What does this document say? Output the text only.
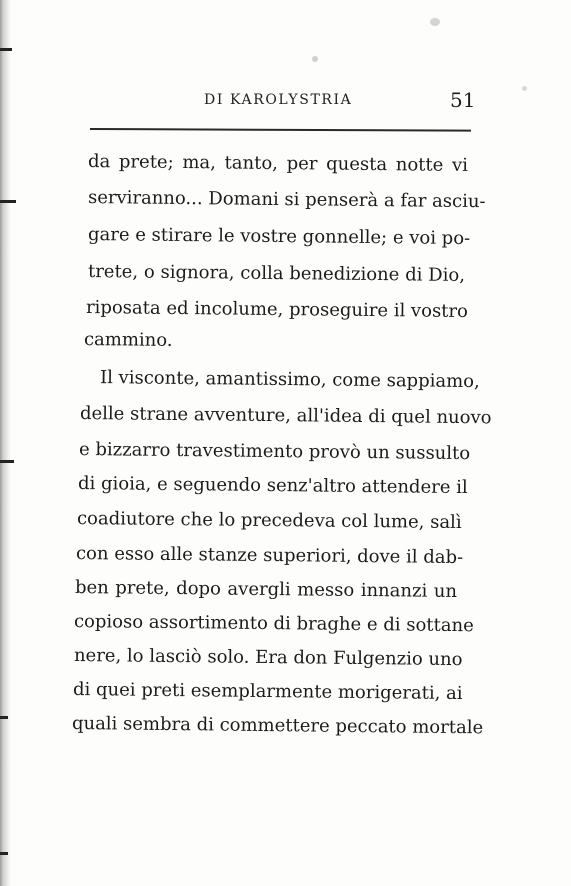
DI KAROLYSTRIA	51
da prete; ma, tanto, per questa notte vi
serviranno... Domani si penserà a far asciu-
gare e stirare le vostre gonnelle; e voi po-
trete, o signora, colla benedizione di Dio,
riposata ed incolume, proseguire il vostro
cammino.
Il visconte, amantissimo, come sappiamo,
delle strane avventure, all'idea di quel nuovo
e bizzarro travestimento provò un sussulto
di gioia, e seguendo senz'altro attendere il
coadiutore che lo precedeva col lume, salì
con esso alle stanze superiori, dove il dab-
ben prete, dopo avergli messo innanzi un
copioso assortimento di braghe e di sottane
nere, lo lasciò solo. Era don Fulgenzio uno
di quei preti esemplarmente morigerati, ai
quali sembra di commettere peccato mortale
